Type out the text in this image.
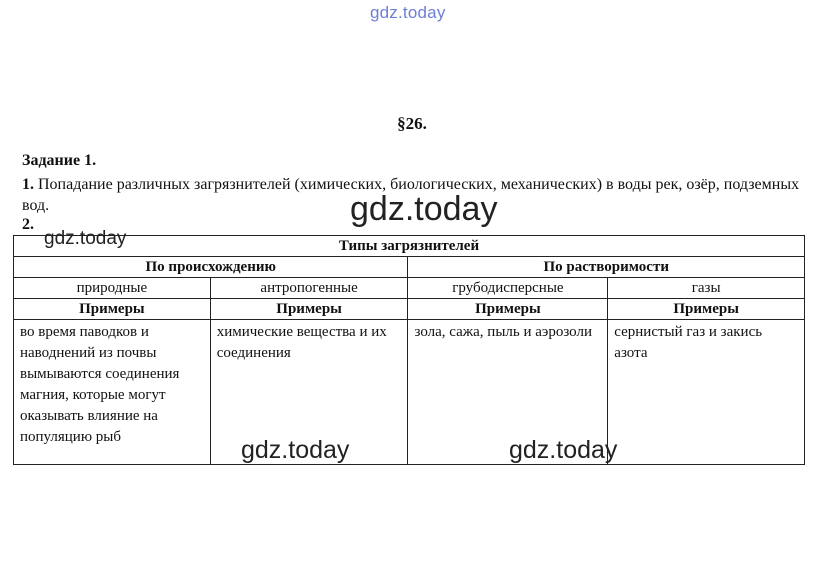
gdz.today
§26.
Задание 1.
1. Попадание различных загрязнителей (химических, биологических, механических) в воды рек, озёр, подземных вод.
2.
Типы загрязнителей			
По происхождению		По растворимости	
природные	антропогенные	грубодисперсные	газы
Примеры	Примеры	Примеры	Примеры
во время паводков и наводнений из почвы вымываются соединения магния, которые могут оказывать влияние на популяцию рыб	химические вещества и их соединения	зола, сажа, пыль и аэрозоли	сернистый газ и закись азота
gdz.today
gdz.today
gdz.today	gdz.today
